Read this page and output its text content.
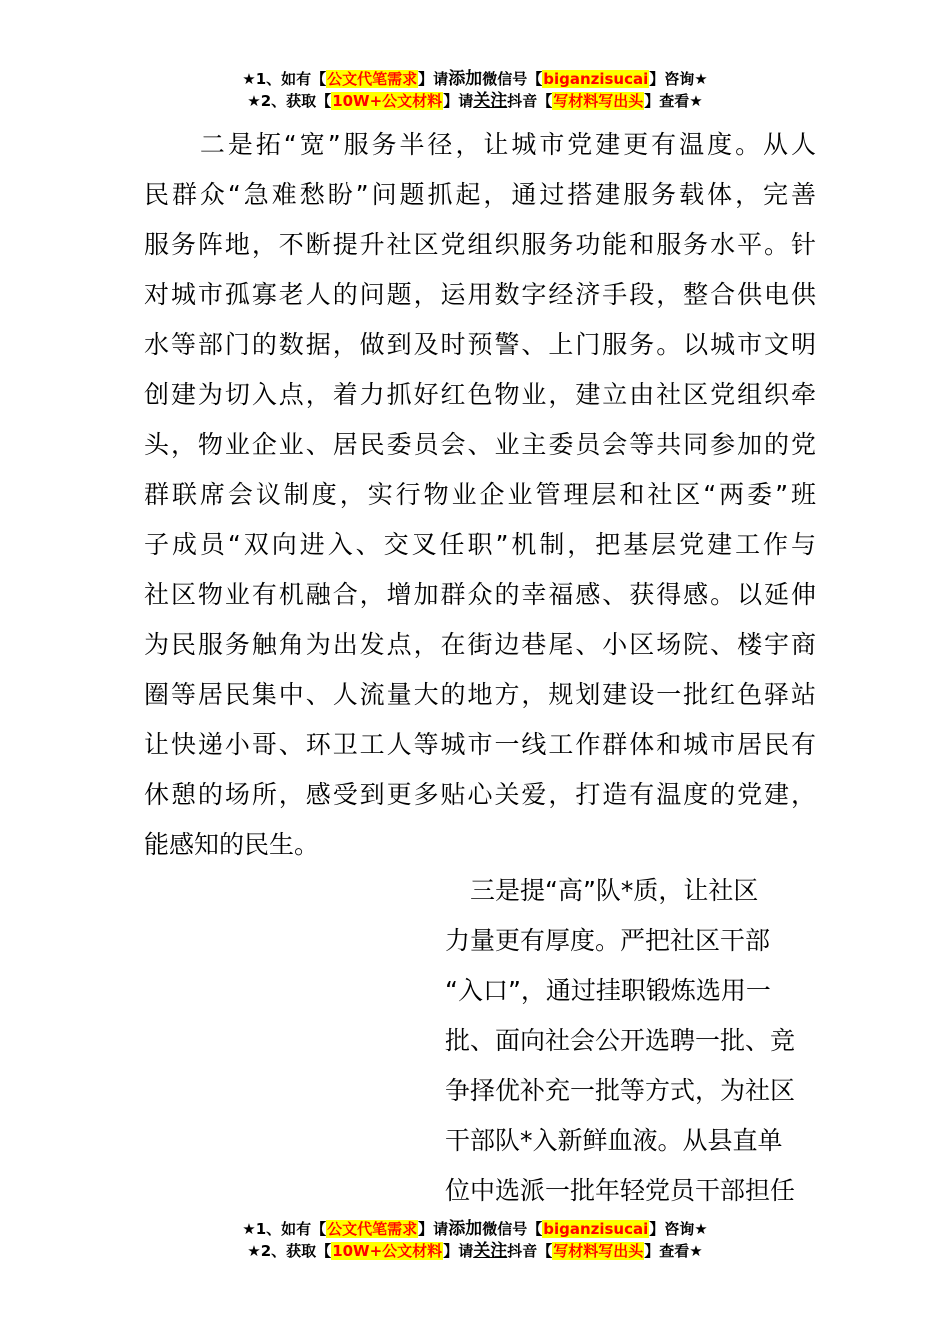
★1、如有【公文代笔需求】请添加微信号【biganzisucai】咨询★
★2、获取【10W+公文材料】请关注抖音【写材料写出头】查看★
　　二是拓“宽”服务半径，让城市党建更有温度。从人
民群众“急难愁盼”问题抓起，通过搭建服务载体，完善
服务阵地，不断提升社区党组织服务功能和服务水平。针
对城市孤寡老人的问题，运用数字经济手段，整合供电供
水等部门的数据，做到及时预警、上门服务。以城市文明
创建为切入点，着力抓好红色物业，建立由社区党组织牵
头，物业企业、居民委员会、业主委员会等共同参加的党
群联席会议制度，实行物业企业管理层和社区“两委”班
子成员“双向进入、交叉任职”机制，把基层党建工作与
社区物业有机融合，增加群众的幸福感、获得感。以延伸
为民服务触角为出发点，在街边巷尾、小区场院、楼宇商
圈等居民集中、人流量大的地方，规划建设一批红色驿站
让快递小哥、环卫工人等城市一线工作群体和城市居民有
休憩的场所，感受到更多贴心关爱，打造有温度的党建，
能感知的民生。
　三是提“高”队*质，让社区
力量更有厚度。严把社区干部
“入口”，通过挂职锻炼选用一
批、面向社会公开选聘一批、竞
争择优补充一批等方式，为社区
干部队*入新鲜血液。从县直单
位中选派一批年轻党员干部担任
★1、如有【公文代笔需求】请添加微信号【biganzisucai】咨询★
★2、获取【10W+公文材料】请关注抖音【写材料写出头】查看★
